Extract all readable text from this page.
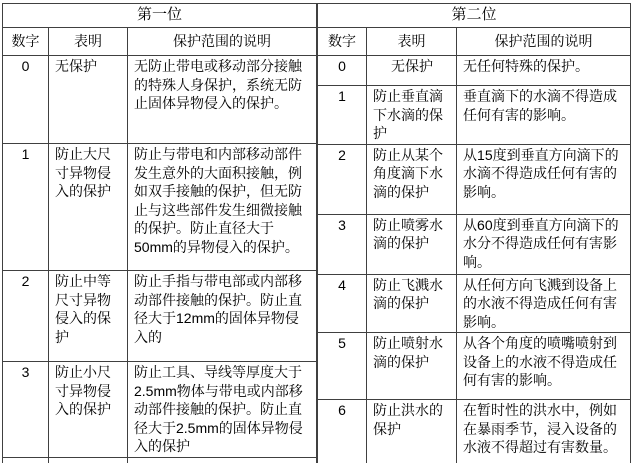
第一位		
数字	表明	保护范围的说明
0	无保护	无防止带电或移动部分接触的特殊人身保护，系统无防止固体异物侵入的保护。
1	防止大尺寸异物侵入的保护	防止与带电和内部移动部件发生意外的大面积接触，例如双手接触的保护，但无防止与这些部件发生细微接触的保护。防止直径大于50mm的异物侵入的保护。
2	防止中等尺寸异物侵入的保护	防止手指与带电部或内部移动部件接触的保护。防止直径大于12mm的固体异物侵入的
3	防止小尺寸异物侵入的保护	防止工具、导线等厚度大于2.5mm物体与带电或内部移动部件接触的保护。防止直径大于2.5mm的固体异物侵入的保护

第二位		
数字	表明	保护范围的说明
0	无保护	无任何特殊的保护。
1	防止垂直滴下水滴的保护	垂直滴下的水滴不得造成任何有害的影响。
2	防止从某个角度滴下水滴的保护	从15度到垂直方向滴下的水滴不得造成任何有害的影响。
3	防止喷雾水滴的保护	从60度到垂直方向滴下的水分不得造成任何有害影响。
4	防止飞溅水滴的保护	从任何方向飞溅到设备上的水液不得造成任何有害影响。
5	防止喷射水滴的保护	从各个角度的喷嘴喷射到设备上的水液不得造成任何有害的影响。
6	防止洪水的保护	在暂时性的洪水中，例如在暴雨季节，浸入设备的水液不得超过有害数量。
